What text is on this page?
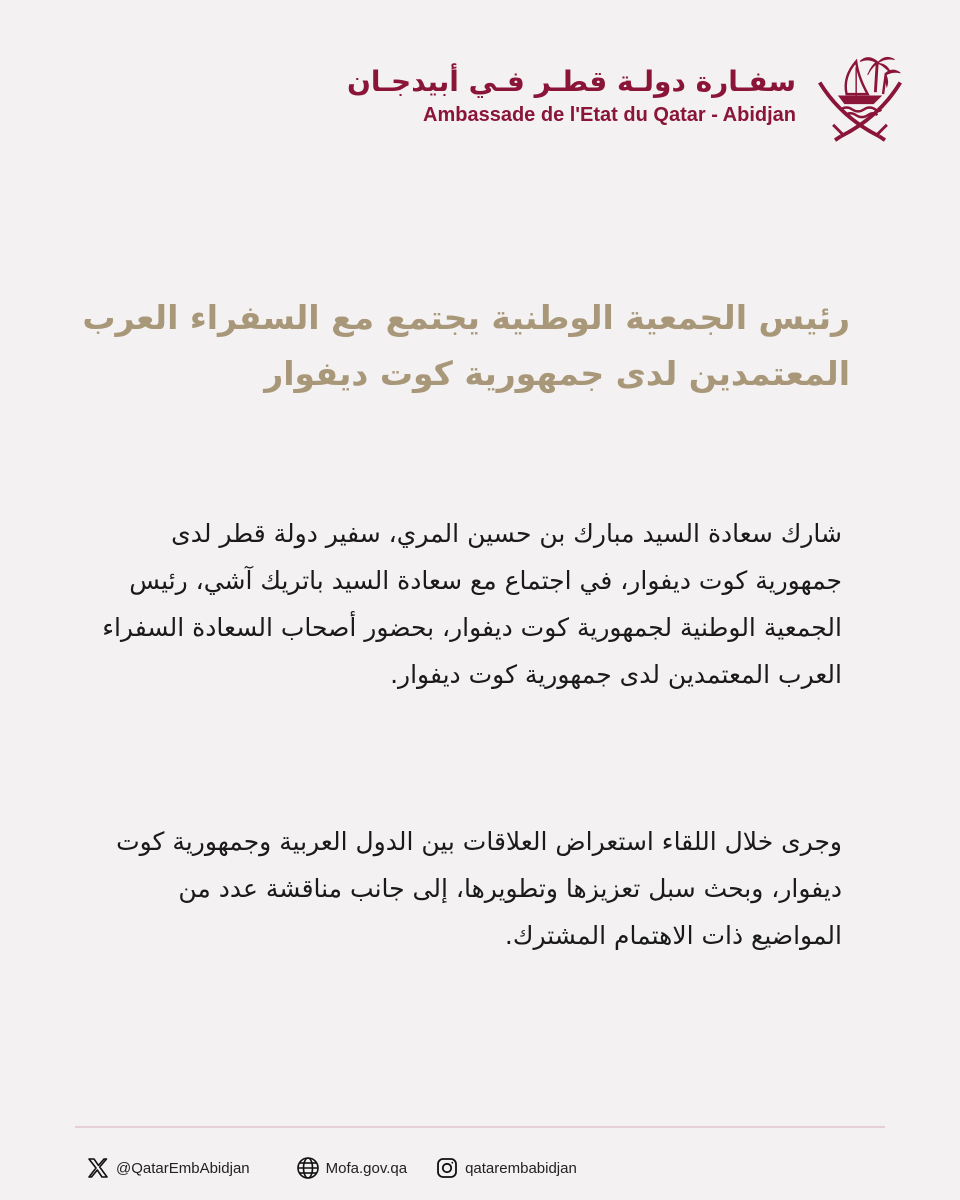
سفـارة دولـة قطـر فـي أبيدجـان
Ambassade de l'Etat du Qatar - Abidjan
رئيس الجمعية الوطنية يجتمع مع السفراء العرب
المعتمدين لدى جمهورية كوت ديفوار
شارك سعادة السيد مبارك بن حسين المري، سفير دولة قطر لدى جمهورية كوت ديفوار، في اجتماع مع سعادة السيد باتريك آشي، رئيس الجمعية الوطنية لجمهورية كوت ديفوار، بحضور أصحاب السعادة السفراء العرب المعتمدين لدى جمهورية كوت ديفوار.
وجرى خلال اللقاء استعراض العلاقات بين الدول العربية وجمهورية كوت ديفوار، وبحث سبل تعزيزها وتطويرها، إلى جانب مناقشة عدد من المواضيع ذات الاهتمام المشترك.
@QatarEmbAbidjan	Mofa.gov.qa	qatarembabidjan
